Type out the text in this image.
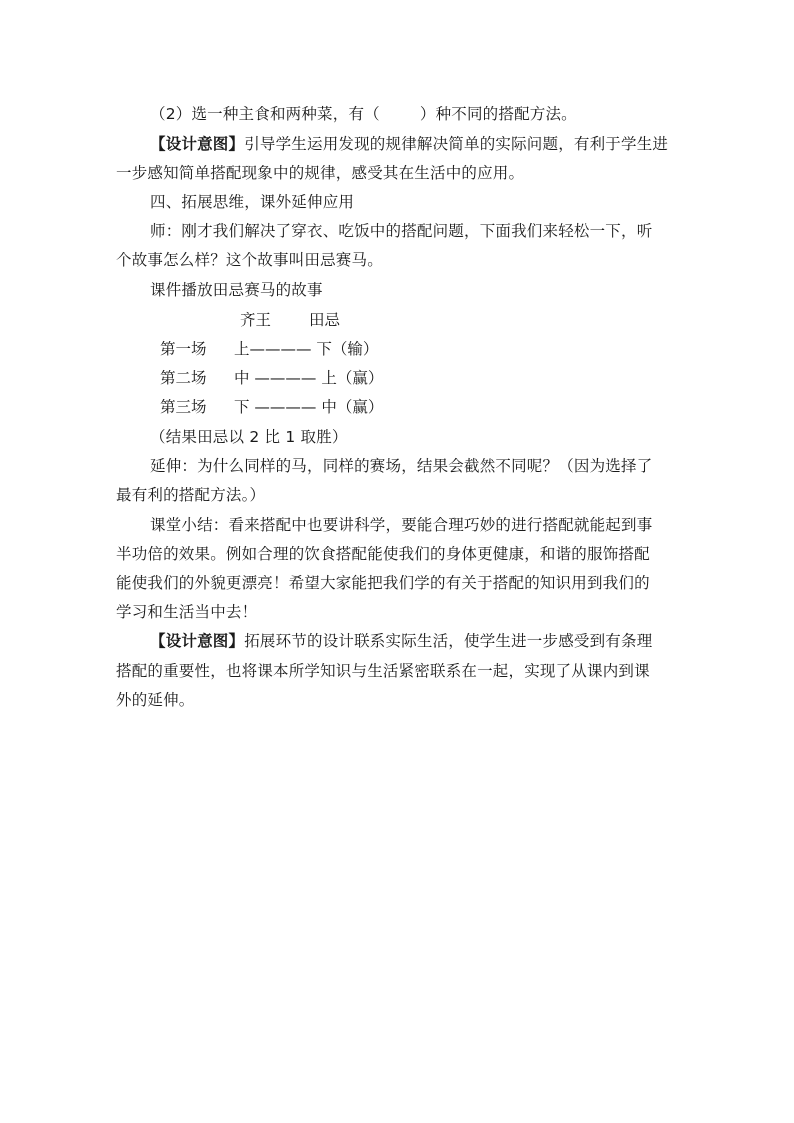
（2）选一种主食和两种菜，有（	）种不同的搭配方法。
【设计意图】引导学生运用发现的规律解决简单的实际问题，有利于学生进
一步感知简单搭配现象中的规律，感受其在生活中的应用。
四、拓展思维，课外延伸应用
师：刚才我们解决了穿衣、吃饭中的搭配问题，下面我们来轻松一下，听
个故事怎么样？这个故事叫田忌赛马。
课件播放田忌赛马的故事
齐王 田忌
第一场 上———— 下（输）
第二场 中 ———— 上（赢）
第三场 下 ———— 中（赢）
（结果田忌以 2 比 1 取胜）
延伸：为什么同样的马，同样的赛场，结果会截然不同呢？（因为选择了
最有利的搭配方法。）
课堂小结：看来搭配中也要讲科学，要能合理巧妙的进行搭配就能起到事
半功倍的效果。例如合理的饮食搭配能使我们的身体更健康，和谐的服饰搭配
能使我们的外貌更漂亮！希望大家能把我们学的有关于搭配的知识用到我们的
学习和生活当中去！
【设计意图】拓展环节的设计联系实际生活，使学生进一步感受到有条理
搭配的重要性，也将课本所学知识与生活紧密联系在一起，实现了从课内到课
外的延伸。
